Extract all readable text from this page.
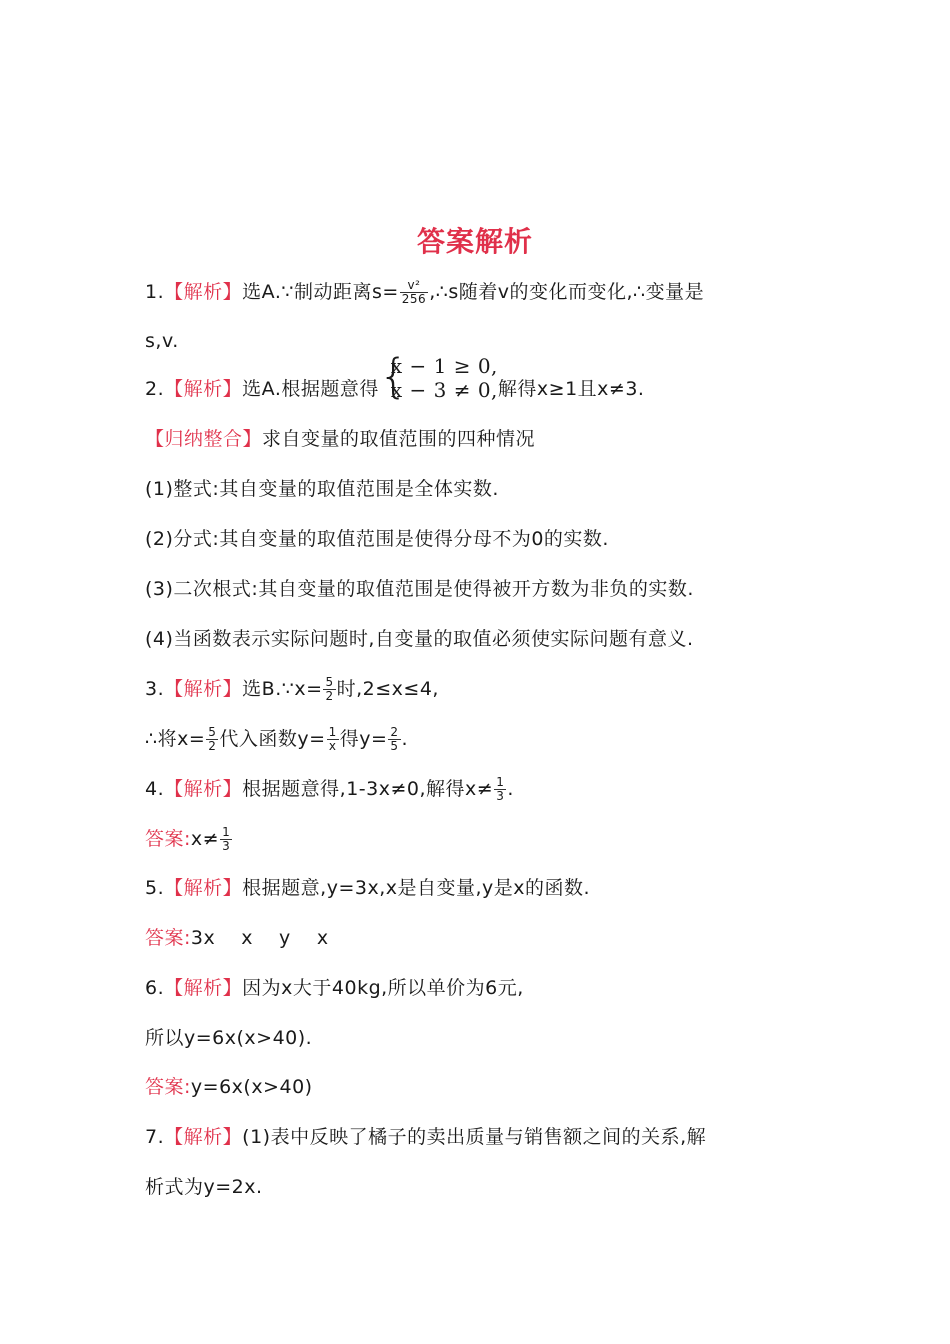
答案解析
1.【解析】选A.∵制动距离$s= \frac{\text{v²}}{256}$ ,∴s随着v的变化而变化,∴变量是
s,v.
2.【解析】选A.根据题意得 {
x − 1 ≥ 0,
x − 3 ≠ 0, 解得x≥1且x≠3.
【归纳整合】求自变量的取值范围的四种情况
(1)整式:其自变量的取值范围是全体实数.
(2)分式:其自变量的取值范围是使得分母不为0的实数.
(3)二次根式:其自变量的取值范围是使得被开方数为非负的实数.
(4)当函数表示实际问题时,自变量的取值必须使实际问题有意义.
3.【解析】选B.∵x= $\frac{5}{2}$ 时,2≤x≤4,
∴将$x= \frac{5}{2}$ 代入函数$y= \frac{1}{x}$ 得$y= \frac{2}{5}$ .
4.【解析】根据题意得,1-3x≠0,解得$x\ne \frac{1}{3}$ .
答案:x≠ $\frac{1}{3}$
5.【解析】根据题意,y=3x,x是自变量,y是x的函数.
答案:3x　 x　 y　 x
6.【解析】因为x大于40kg,所以单价为6元,
所以y=6x(x>40).
答案:y=6x(x>40)
7.【解析】(1)表中反映了橘子的卖出质量与销售额之间的关系,解
析式为y=2x.
